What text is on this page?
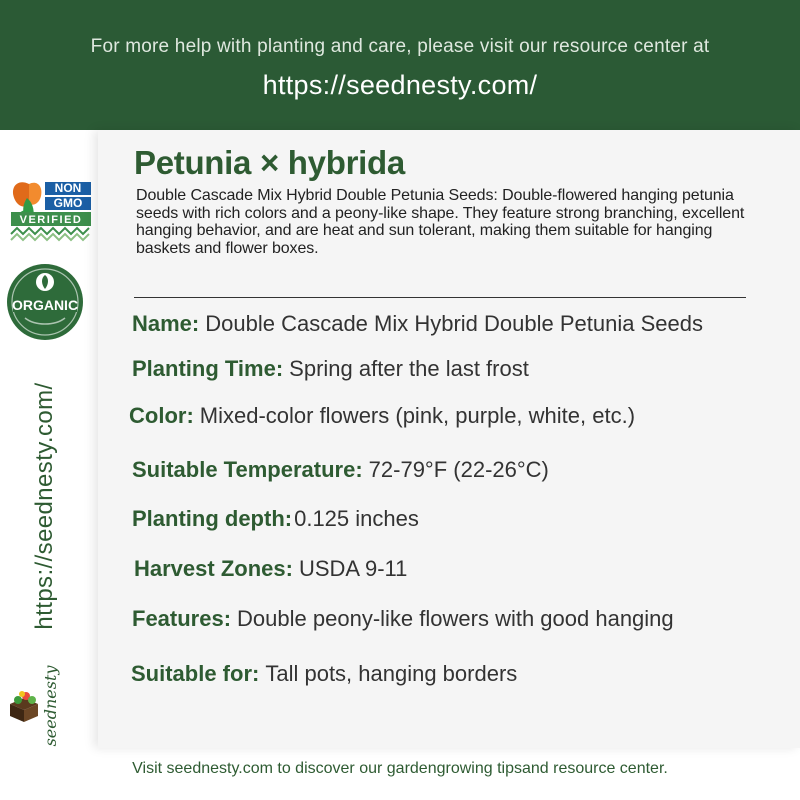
For more help with planting and care, please visit our resource center at
https://seednesty.com/
NON
GMO
VERIFIED
ORGANIC
https://seednesty.com/
seednesty
Petunia × hybrida
Double Cascade Mix Hybrid Double Petunia Seeds: Double-flowered hanging petunia seeds with rich colors and a peony-like shape. They feature strong branching, excellent hanging behavior, and are heat and sun tolerant, making them suitable for hanging baskets and flower boxes.
Name: Double Cascade Mix Hybrid Double Petunia Seeds
Planting Time: Spring after the last frost
Color: Mixed-color flowers (pink, purple, white, etc.)
Suitable Temperature: 72-79°F (22-26°C)
Planting depth:0.125 inches
Harvest Zones: USDA 9-11
Features: Double peony-like flowers with good hanging
Suitable for: Tall pots, hanging borders
Visit seednesty.com to discover our gardengrowing tipsand resource center.
